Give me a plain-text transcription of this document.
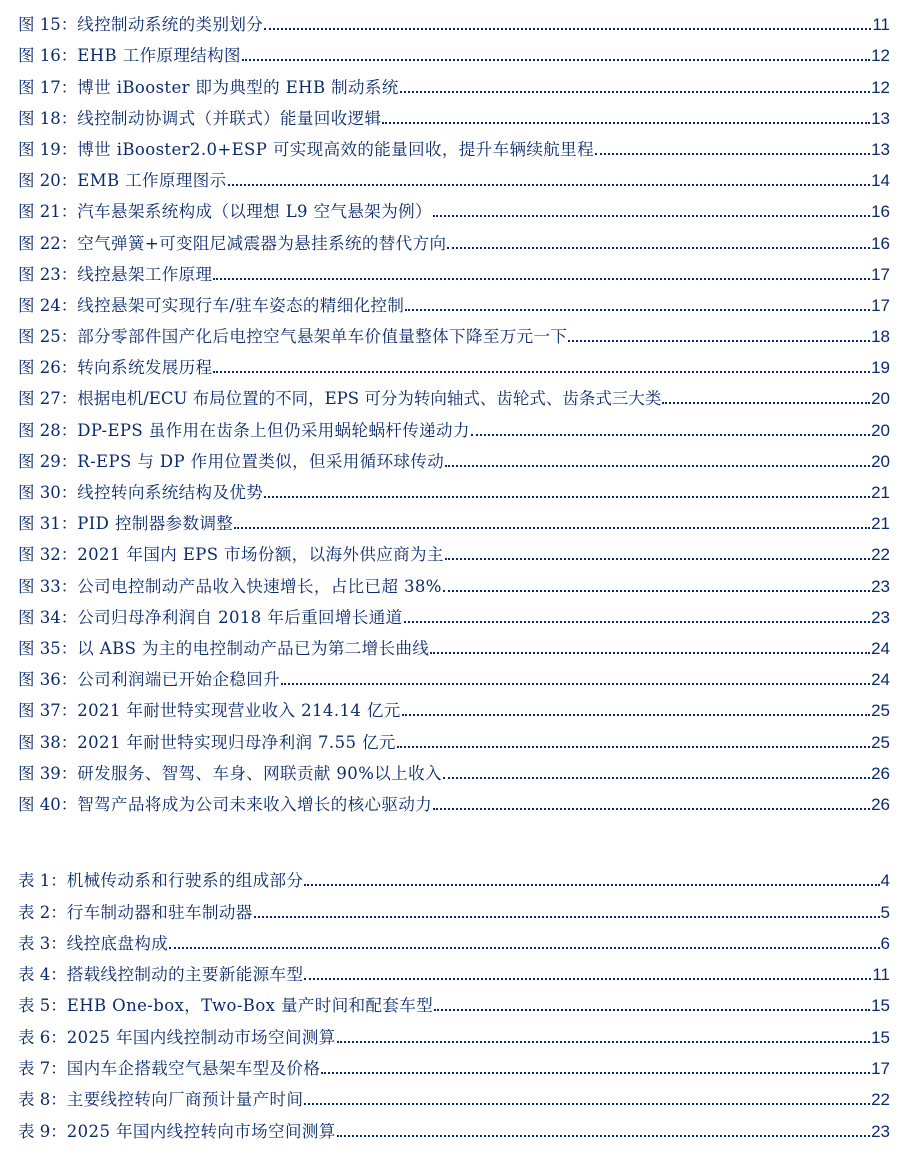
图 15： 线控制动系统的类别划分	11
图 16： EHB 工作原理结构图	12
图 17： 博世 iBooster 即为典型的 EHB 制动系统	12
图 18： 线控制动协调式（并联式）能量回收逻辑	13
图 19： 博世 iBooster2.0+ESP 可实现高效的能量回收，提升车辆续航里程	13
图 20： EMB 工作原理图示	14
图 21： 汽车悬架系统构成（以理想 L9 空气悬架为例）	16
图 22： 空气弹簧+可变阻尼减震器为悬挂系统的替代方向	16
图 23： 线控悬架工作原理	17
图 24： 线控悬架可实现行车/驻车姿态的精细化控制	17
图 25： 部分零部件国产化后电控空气悬架单车价值量整体下降至万元一下	18
图 26： 转向系统发展历程	19
图 27： 根据电机/ECU 布局位置的不同，EPS 可分为转向轴式、齿轮式、齿条式三大类	20
图 28： DP-EPS 虽作用在齿条上但仍采用蜗轮蜗杆传递动力	20
图 29： R-EPS 与 DP 作用位置类似，但采用循环球传动	20
图 30： 线控转向系统结构及优势	21
图 31： PID 控制器参数调整	21
图 32： 2021 年国内 EPS 市场份额，以海外供应商为主	22
图 33： 公司电控制动产品收入快速增长，占比已超 38%	23
图 34： 公司归母净利润自 2018 年后重回增长通道	23
图 35： 以 ABS 为主的电控制动产品已为第二增长曲线	24
图 36： 公司利润端已开始企稳回升	24
图 37： 2021 年耐世特实现营业收入 214.14 亿元	25
图 38： 2021 年耐世特实现归母净利润 7.55 亿元	25
图 39： 研发服务、智驾、车身、网联贡献 90%以上收入	26
图 40： 智驾产品将成为公司未来收入增长的核心驱动力	26
表 1： 机械传动系和行驶系的组成部分	4
表 2： 行车制动器和驻车制动器	5
表 3： 线控底盘构成	6
表 4： 搭载线控制动的主要新能源车型	11
表 5： EHB One-box，Two-Box 量产时间和配套车型	15
表 6： 2025 年国内线控制动市场空间测算	15
表 7： 国内车企搭载空气悬架车型及价格	17
表 8： 主要线控转向厂商预计量产时间	22
表 9： 2025 年国内线控转向市场空间测算	23
